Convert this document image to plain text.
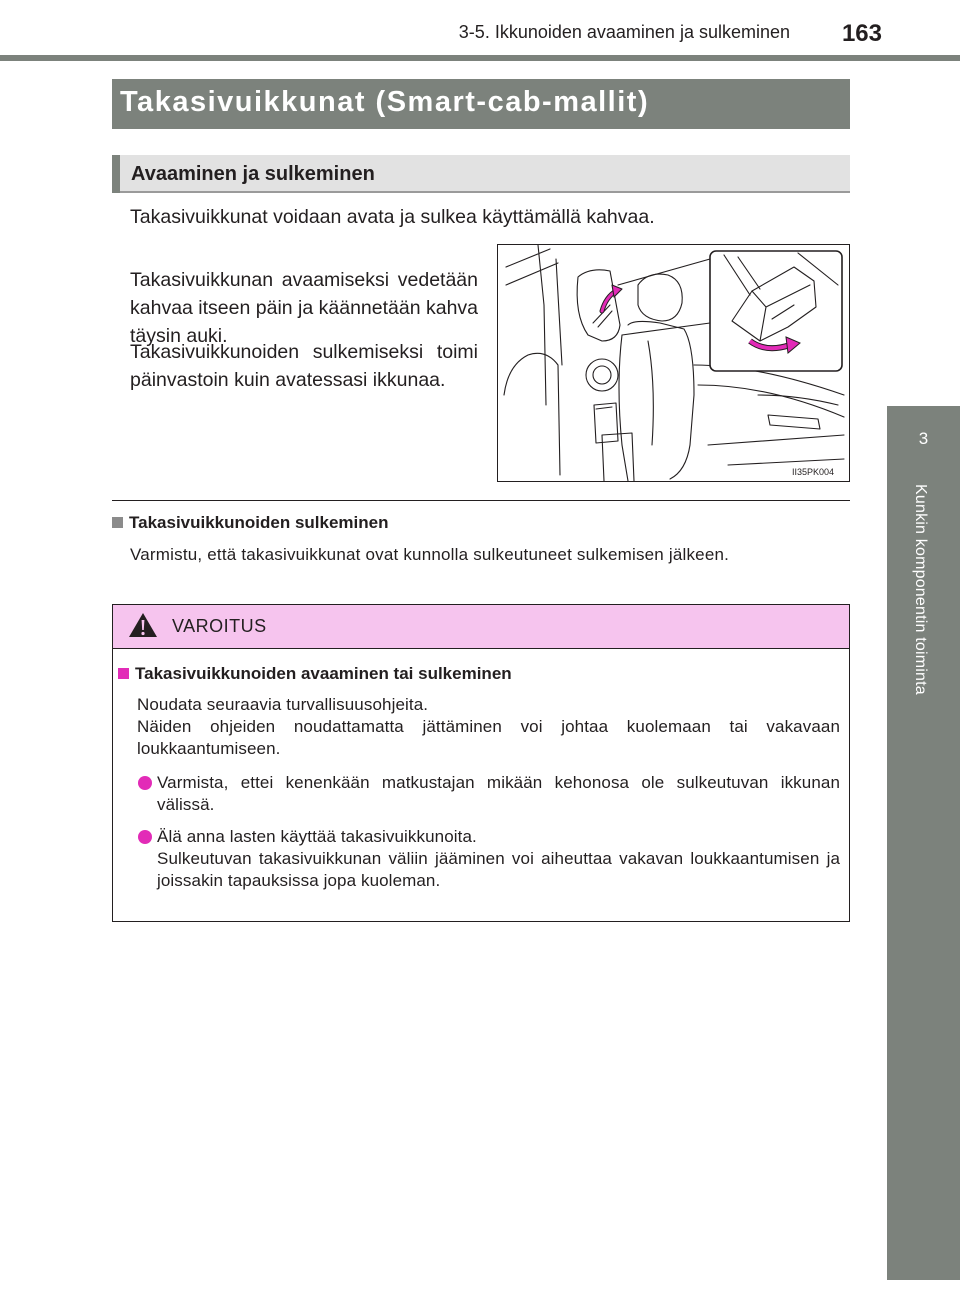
3-5. Ikkunoiden avaaminen ja sulkeminen	163
3
Kunkin komponentin toiminta
Takasivuikkunat (Smart-cab-mallit)
Avaaminen ja sulkeminen
Takasivuikkunat voidaan avata ja sulkea käyttämällä kahvaa.
Takasivuikkunan avaamiseksi vedetään kahvaa itseen päin ja käännetään kahva täysin auki.
Takasivuikkunoiden sulkemiseksi toimi päinvastoin kuin avatessasi ikkunaa.
II35PK004
Takasivuikkunoiden sulkeminen
Varmistu, että takasivuikkunat ovat kunnolla sulkeutuneet sulkemisen jälkeen.
VAROITUS
Takasivuikkunoiden avaaminen tai sulkeminen
Noudata seuraavia turvallisuusohjeita.
Näiden ohjeiden noudattamatta jättäminen voi johtaa kuolemaan tai vakavaan loukkaantumiseen.
Varmista, ettei kenenkään matkustajan mikään kehonosa ole sulkeutuvan ikkunan välissä.
Älä anna lasten käyttää takasivuikkunoita.
Sulkeutuvan takasivuikkunan väliin jääminen voi aiheuttaa vakavan loukkaantumisen ja joissakin tapauksissa jopa kuoleman.
